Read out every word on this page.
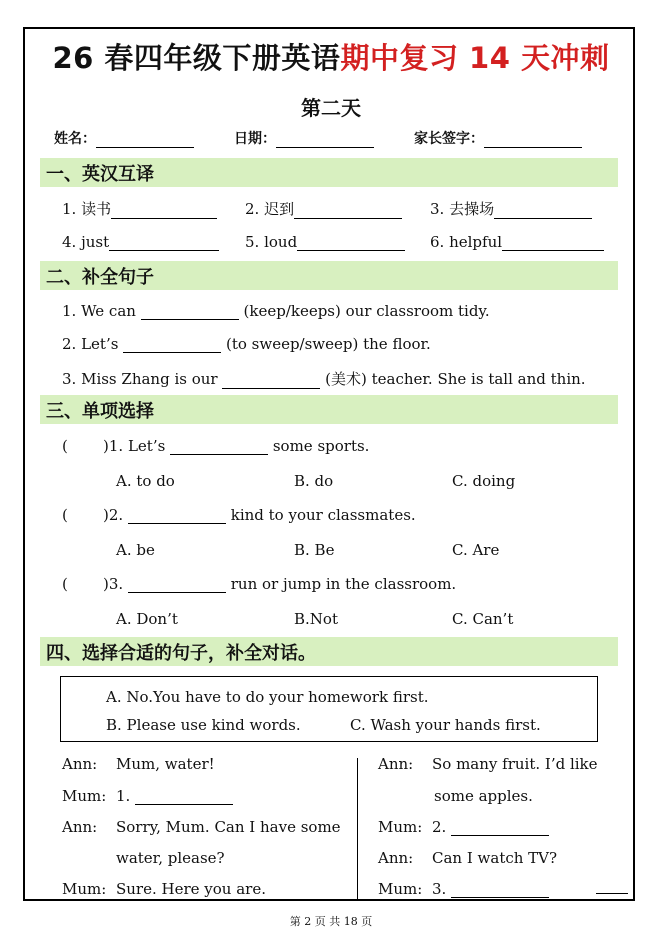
26 春四年级下册英语期中复习 14 天冲刺
第二天
姓名：	日期：	家长签字：
一、英汉互译
1. 读书	2. 迟到	3. 去操场
4. just	5. loud	6. helpful
二、补全句子
1. We can	(keep/keeps) our classroom tidy.
2. Let’s	(to sweep/sweep) the floor.
3. Miss Zhang is our	(美术) teacher. She is tall and thin.
三、单项选择
( )1. Let’s	some sports.
A. to do	B. do	C. doing
( )2.	kind to your classmates.
A. be	B. Be	C. Are
( )3.	run or jump in the classroom.
A. Don’t	B.Not	C. Can’t
四、选择合适的句子，补全对话。
A. No.You have to do your homework first.
B. Please use kind words.	C. Wash your hands first.
Ann: Mum, water!
Mum: 1.
Ann: Sorry, Mum. Can I have some
water, please?
Mum: Sure. Here you are.
Ann: So many fruit. I’d like
some apples.
Mum: 2.
Ann: Can I watch TV?
Mum: 3.
第 2 页 共 18 页
